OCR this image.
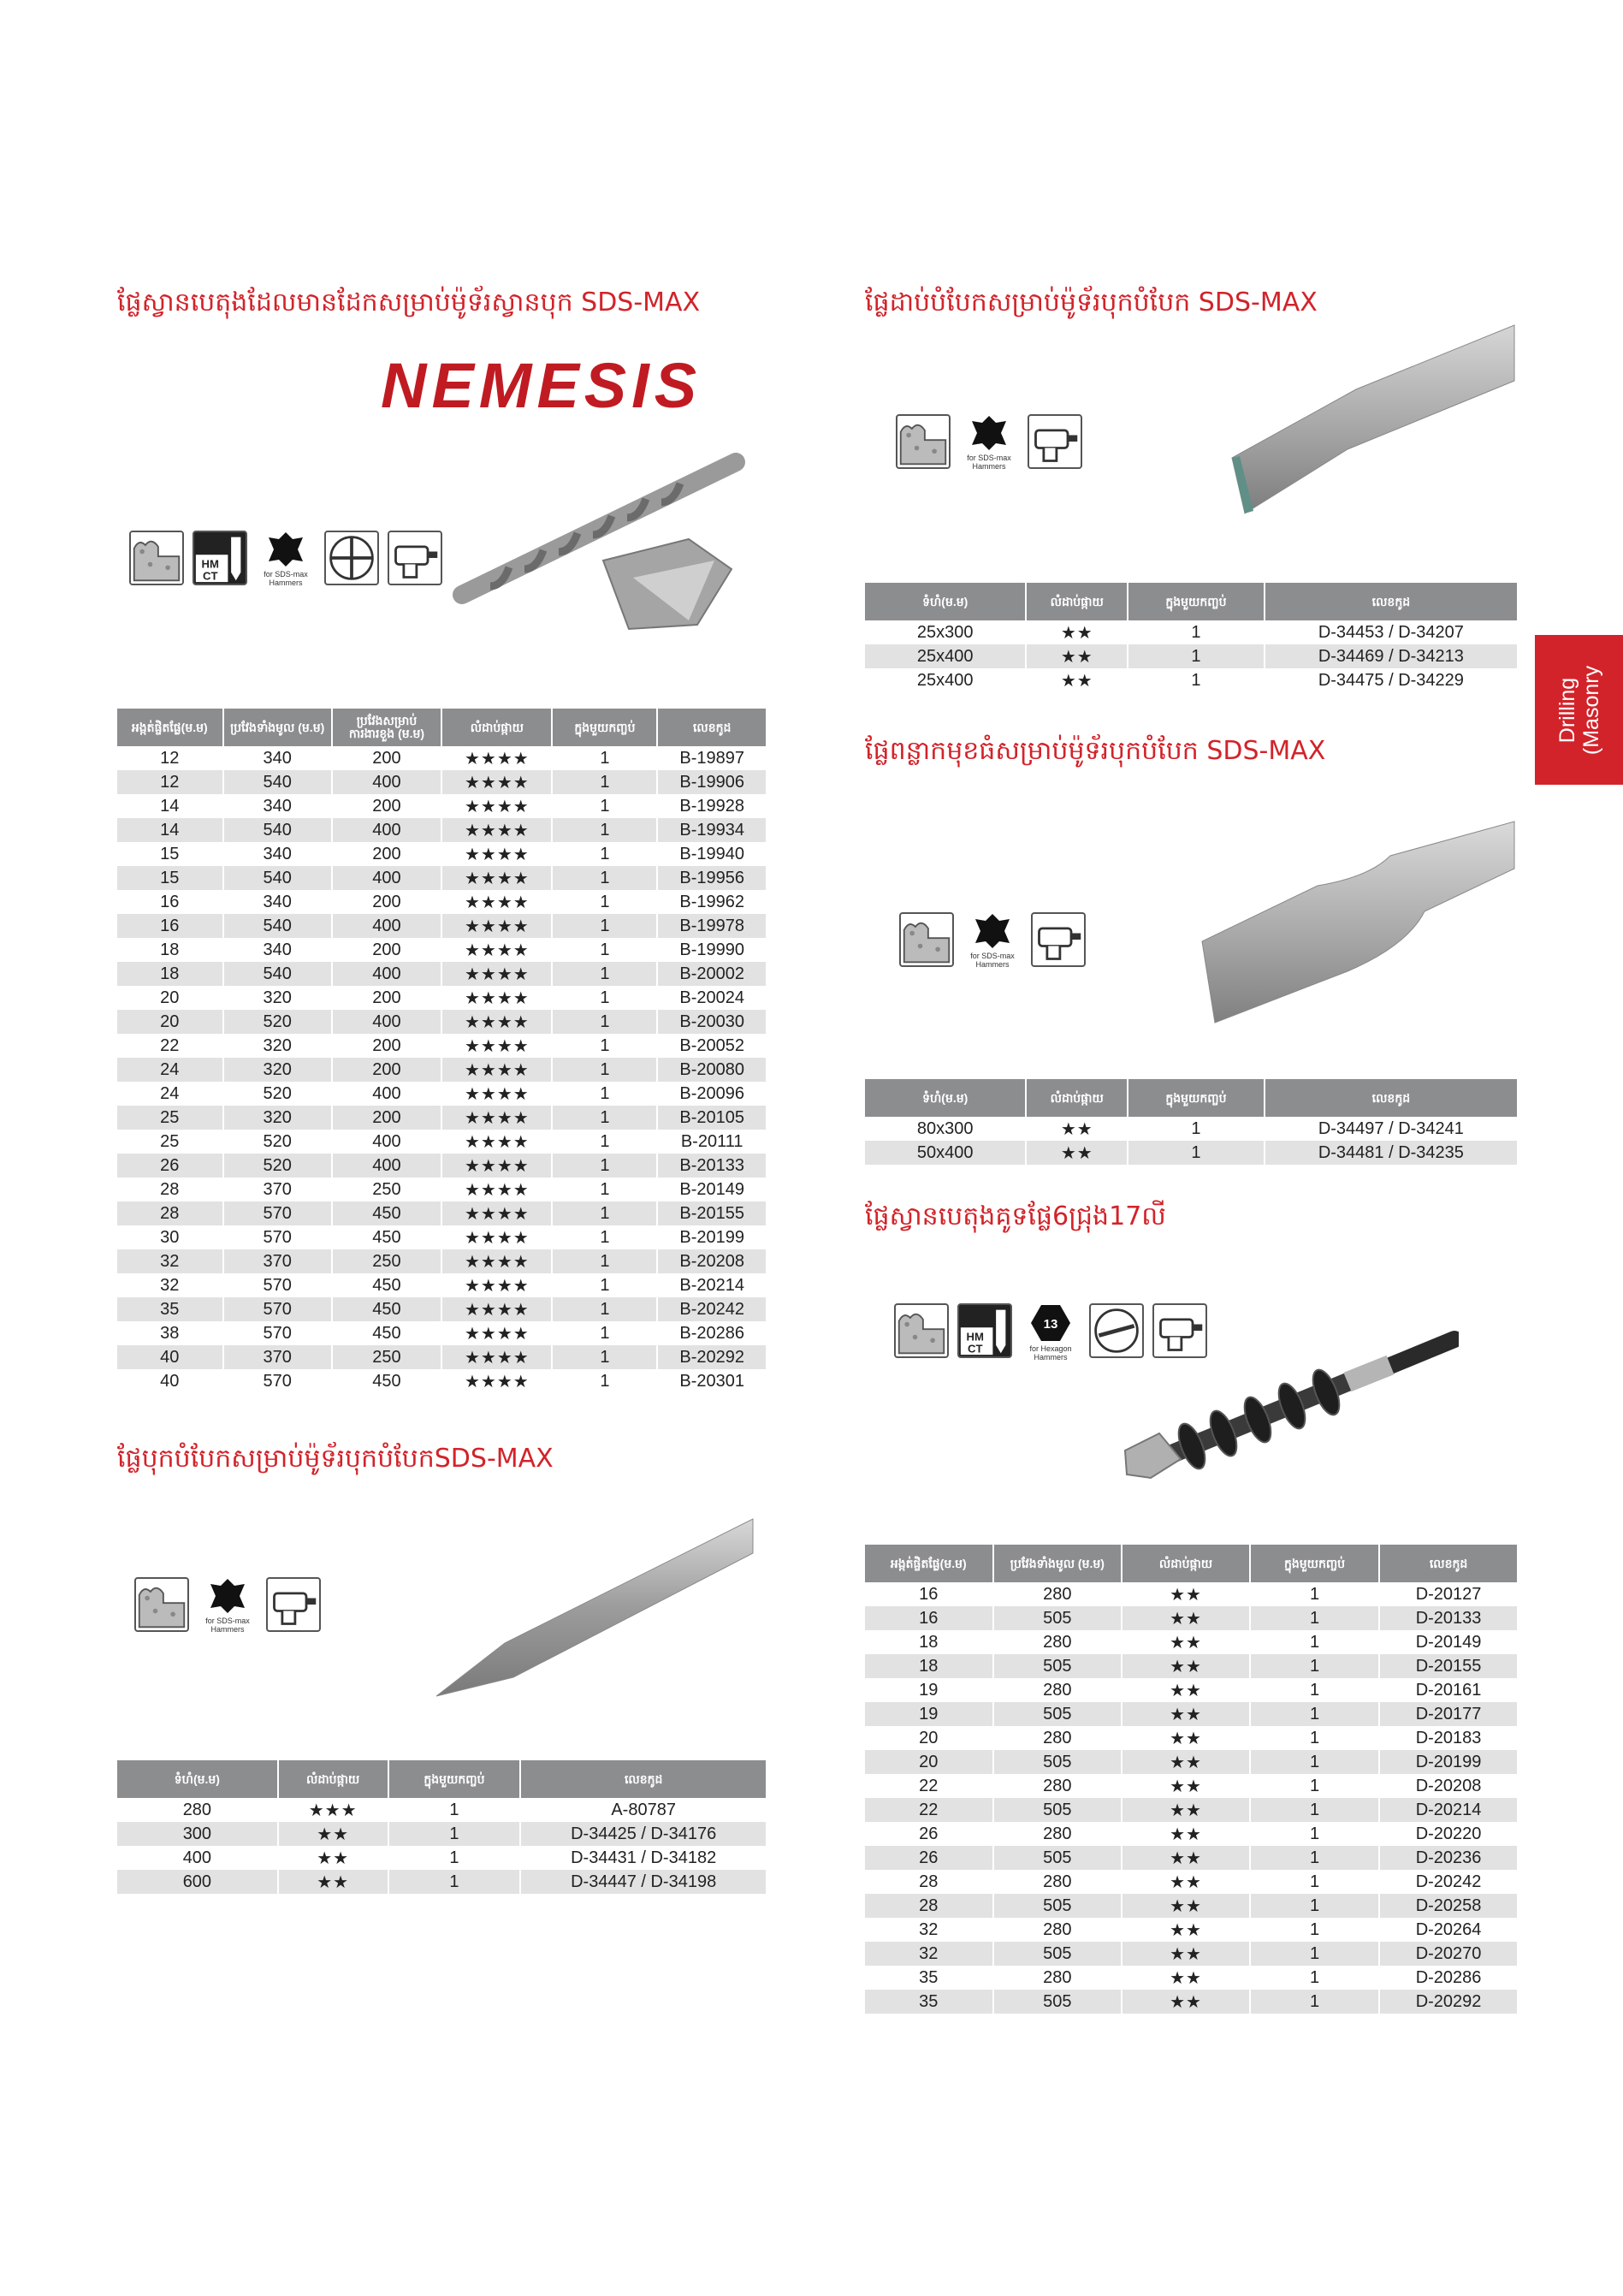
Drilling (Masonry
ផ្លែស្វានបេតុងដែលមានដែកសម្រាប់ម៉ូទ័រស្វានបុក SDS-MAX
NEMESIS
HM
CT	for SDS-max Hammers
អង្កត់ផ្ចិតផ្លែ(ម.ម)	ប្រវែងទាំងមូល (ម.ម)	ប្រវែងសម្រាប់ការងារខួង (ម.ម)	លំដាប់ផ្កាយ	ក្នុងមួយកញ្ចប់	លេខកូដ
12	340	200	★★★★	1	B-19897
12	540	400	★★★★	1	B-19906
14	340	200	★★★★	1	B-19928
14	540	400	★★★★	1	B-19934
15	340	200	★★★★	1	B-19940
15	540	400	★★★★	1	B-19956
16	340	200	★★★★	1	B-19962
16	540	400	★★★★	1	B-19978
18	340	200	★★★★	1	B-19990
18	540	400	★★★★	1	B-20002
20	320	200	★★★★	1	B-20024
20	520	400	★★★★	1	B-20030
22	320	200	★★★★	1	B-20052
24	320	200	★★★★	1	B-20080
24	520	400	★★★★	1	B-20096
25	320	200	★★★★	1	B-20105
25	520	400	★★★★	1	B-20111
26	520	400	★★★★	1	B-20133
28	370	250	★★★★	1	B-20149
28	570	450	★★★★	1	B-20155
30	570	450	★★★★	1	B-20199
32	370	250	★★★★	1	B-20208
32	570	450	★★★★	1	B-20214
35	570	450	★★★★	1	B-20242
38	570	450	★★★★	1	B-20286
40	370	250	★★★★	1	B-20292
40	570	450	★★★★	1	B-20301
ផ្លែបុកបំបែកសម្រាប់ម៉ូទ័របុកបំបែកSDS-MAX
for SDS-max Hammers
ទំហំ(ម.ម)	លំដាប់ផ្កាយ	ក្នុងមួយកញ្ចប់	លេខកូដ
280	★★★	1	A-80787
300	★★	1	D-34425 / D-34176
400	★★	1	D-34431 / D-34182
600	★★	1	D-34447 / D-34198
ផ្លែដាប់បំបែកសម្រាប់ម៉ូទ័របុកបំបែក SDS-MAX
for SDS-max Hammers
ទំហំ(ម.ម)	លំដាប់ផ្កាយ	ក្នុងមួយកញ្ចប់	លេខកូដ
25x300	★★	1	D-34453 / D-34207
25x400	★★	1	D-34469 / D-34213
25x400	★★	1	D-34475 / D-34229
ផ្លែពន្លាកមុខធំសម្រាប់ម៉ូទ័របុកបំបែក SDS-MAX
for SDS-max Hammers
ទំហំ(ម.ម)	លំដាប់ផ្កាយ	ក្នុងមួយកញ្ចប់	លេខកូដ
80x300	★★	1	D-34497 / D-34241
50x400	★★	1	D-34481 / D-34235
ផ្លែស្វានបេតុងគូទផ្លែ6ជ្រុង17លី
HM
CT
13
for Hexagon Hammers
អង្កត់ផ្ចិតផ្លែ(ម.ម)	ប្រវែងទាំងមូល (ម.ម)	លំដាប់ផ្កាយ	ក្នុងមួយកញ្ចប់	លេខកូដ
16	280	★★	1	D-20127
16	505	★★	1	D-20133
18	280	★★	1	D-20149
18	505	★★	1	D-20155
19	280	★★	1	D-20161
19	505	★★	1	D-20177
20	280	★★	1	D-20183
20	505	★★	1	D-20199
22	280	★★	1	D-20208
22	505	★★	1	D-20214
26	280	★★	1	D-20220
26	505	★★	1	D-20236
28	280	★★	1	D-20242
28	505	★★	1	D-20258
32	280	★★	1	D-20264
32	505	★★	1	D-20270
35	280	★★	1	D-20286
35	505	★★	1	D-20292
